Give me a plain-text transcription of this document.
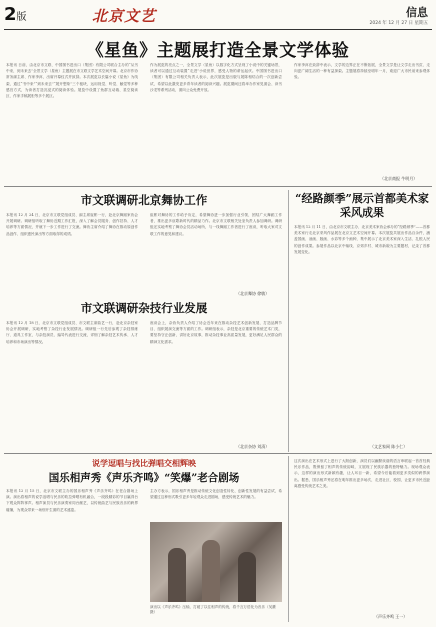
2版	北京文艺	信息
2024 年 12 月 27 日 星期五
《星鱼》主题展打造全景文学体验
本报讯 日前，由北京市文联、中国图书进出口（集团）有限公司联合主办的“从书中来，到未来去”全景文学（星鱼）主题展在市文联文学艺术空间开幕。北京市作协常务副主席、作家李洱，出席开幕仪式并致辞。本次展览以长篇小说《星鱼》为线索，通过“书中来”“到未来去”“展开想象”三个板块，运用视觉、听觉、触觉等多种感官方式，为读者打造沉浸式的阅读体验。展览中设置了鱼群互动墙、星空阅读区、作家手稿展柜等多个展区。
作为展览的亮点之一，全景文学（星鱼）以数字化方式呈现了小说中的关键场景，读者可以通过互动装置“走进”小说世界，感受人物的命运起伏。中国图书进出口（集团）有限公司相关负责人表示，此次展览是出版与展陈相结合的一次创新尝试，希望以此激发更多青年读者的阅读兴趣。展览期间还将举办作家见面会、读书沙龙等系列活动，面向公众免费开放。
作家李洱在致辞中表示，文学的边界正在不断拓展，全景文学是让文学走出书页、走向更广阔生活的一种有益探索。主题展将持续至明年一月，欢迎广大市民前来参观体验。
（北京商报 牛明月）
市文联调研北京舞协工作
本报讯 12 月 24 日，北京市文联党组成员、副主席崔彬一行，赴北京舞蹈家协会开展调研。调研组听取了舞协近期工作汇报，深入了解会员服务、创作扶持、人才培养等方面情况，并就下一步工作进行了交流。舞协主席介绍了舞协在推动原创作品创作、组织惠民演出等方面取得的成绩。
崔彬对舞协的工作给予肯定，希望舞协进一步加强行业引领，团结广大舞蹈工作者，推出更多讴歌新时代的精品力作。北京市文联相关处室负责人参加调研。调研组还实地考察了舞协会员活动场所，与一线舞蹈工作者进行了座谈，听取大家对文联工作的意见和建议。
（北京舞协 徐敏）
市文联调研杂技行业发展
本报讯 12 月 18 日，北京市文联党组成员、市文联主席曲艺一行，赴北京杂技家协会开展调研，实地考察了杂技行业发展情况。调研组一行先后参观了杂技排练厅、道具工作室，与杂技演员、编导代表进行交流，详细了解杂技艺术传承、人才培养和市场演出等情况。
座谈会上，杂协负责人介绍了协会近年来在推动杂技艺术创新发展、打造品牌节目、组织展演交流等方面的工作。调研组表示，杂技是北京重要的传统艺术门类，要坚持守正创新，讲好北京故事，推动杂技事业高质量发展，更好满足人民群众的精神文化需求。
（北京杂协 刘清）
“经路颜季”展示首都美术家采风成果
本报讯 12 月 11 日，由北京市文联主办、北京美术家协会承办的“经路颜季”——首都美术家行走北京采风作品展在北京文艺术空间开幕。本次展览共展出作品百余件，涵盖国画、油画、版画、水彩等多个画种，集中展示了北京美术家深入生活、扎根人民的创作成果。参展作品以北京中轴线、京郊乡村、城市新貌为主要题材，记录了首都发展变化。
（文艺家网 陈小仁）
说学逗唱与找比弹唱交相辉映
国乐相声秀《声乐齐鸣》“笑爆”老合剧场
本报讯 12 月 15 日，北京市文联主办的国乐相声秀《声乐齐鸣》在老合剧场上演。演出将相声的说学逗唱与民乐的吹拉弹唱有机融合，一段段精彩的节目赢得台下观众阵阵掌声。相声演员与民乐演奏家同台献艺，以传统曲艺与民族音乐的跨界碰撞，为观众带来一场别开生面的艺术盛宴。
主办方表示，国乐相声秀是推动传统文化创造性转化、创新性发展的有益尝试，希望通过这种形式吸引更多年轻观众走进剧场，感受传统艺术的魅力。
演出以《声乐齐鸣》压轴，打破了以往相声的传统，将千言万语化为音乐（吴灏 摄）
这次演出在艺术形式上进行了大胆创新，演员们以幽默诙谐的语言串联起一首首经典民乐作品，既保留了相声的传统韵味，又展现了民族乐器的独特魅力。现场观众表示，这样的演出形式新颖有趣，让人耳目一新，希望今后能看到更多类似的跨界演出。据悉，国乐相声秀还将在明年推出更多场次，走进社区、校园，让更多市民近距离感受传统艺术之美。
（声乐齐鸣 王一）
